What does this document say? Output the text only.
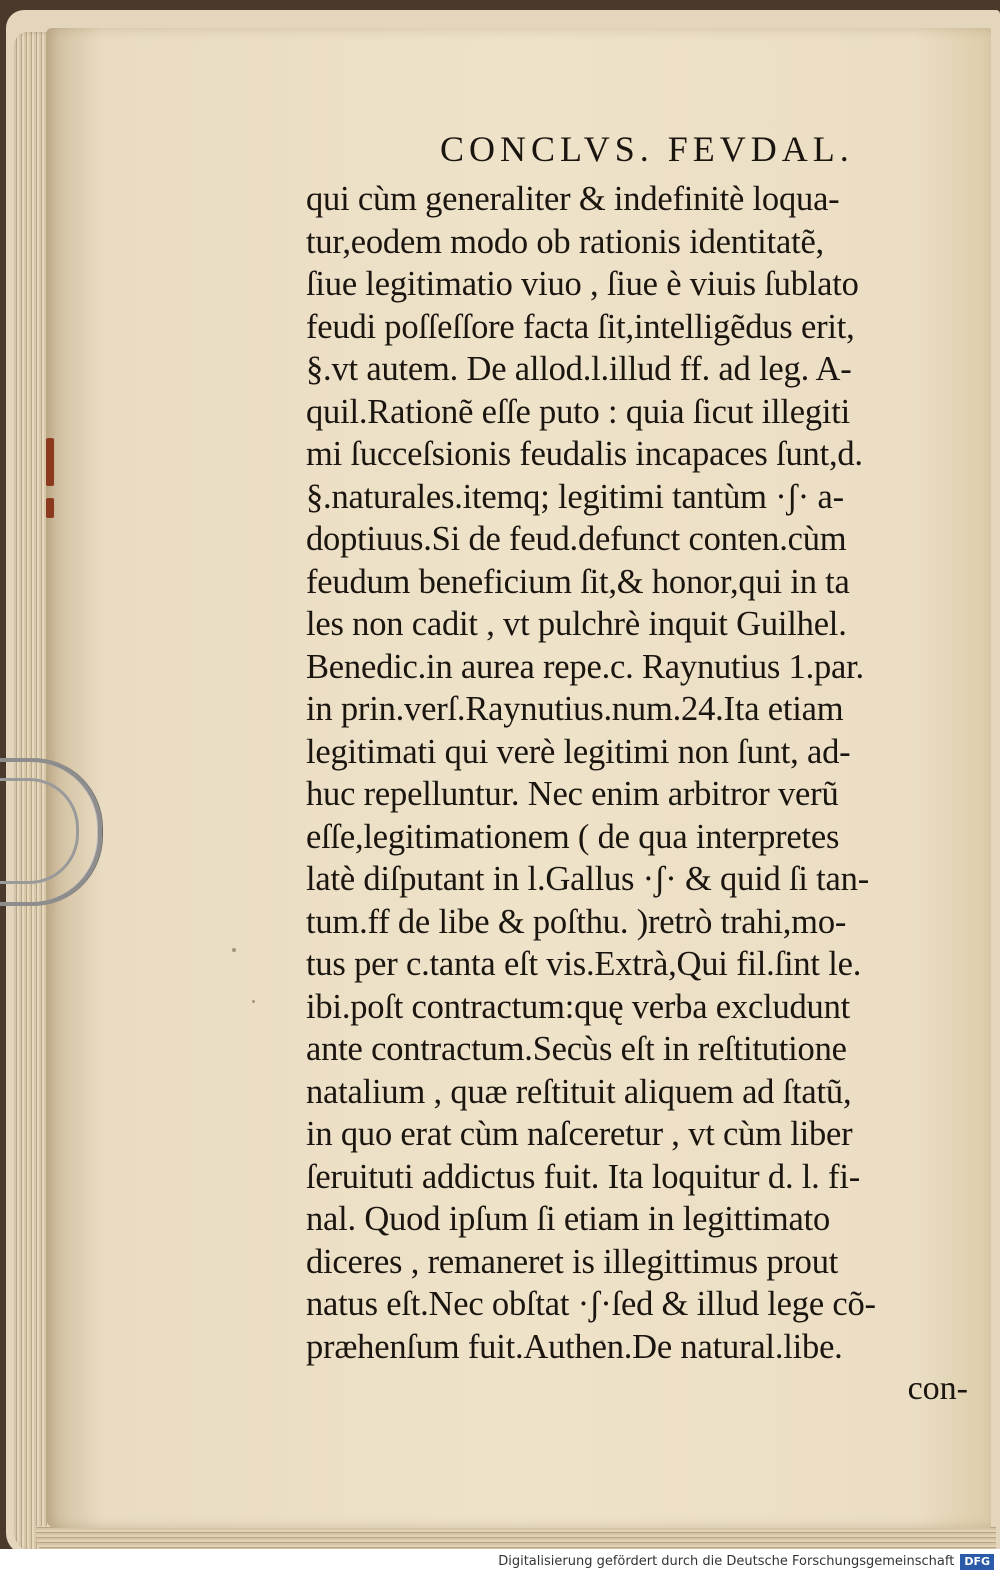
CONCLVS. FEVDAL.
qui cùm generaliter & indefinitè loqua-
tur,eodem modo ob rationis identitatẽ,
ſiue legitimatio viuo , ſiue è viuis ſublato
feudi poſſeſſore facta ſit,intelligẽdus erit,
§.vt autem. De allod.l.illud ff. ad leg. A-
quil.Rationẽ eſſe puto : quia ſicut illegiti
mi ſucceſsionis feudalis incapaces ſunt,d.
§.naturales.itemq; legitimi tantùm ·ʃ· a-
doptiuus.Si de feud.defunct conten.cùm
feudum beneficium ſit,& honor,qui in ta
les non cadit , vt pulchrè inquit Guilhel.
Benedic.in aurea repe.c. Raynutius 1.par.
in prin.verſ.Raynutius.num.24.Ita etiam
legitimati qui verè legitimi non ſunt, ad-
huc repelluntur. Nec enim arbitror verũ
eſſe,legitimationem ( de qua interpretes
latè diſputant in l.Gallus ·ʃ· & quid ſi tan-
tum.ff de libe & poſthu. )retrò trahi,mo-
tus per c.tanta eſt vis.Extrà,Qui fil.ſint le.
ibi.poſt contractum:quę verba excludunt
ante contractum.Secùs eſt in reſtitutione
natalium , quæ reſtituit aliquem ad ſtatũ,
in quo erat cùm naſceretur , vt cùm liber
ſeruituti addictus fuit. Ita loquitur d. l. fi-
nal. Quod ipſum ſi etiam in legittimato
diceres , remaneret is illegittimus prout
natus eſt.Nec obſtat ·ʃ·ſed & illud lege cõ-
præhenſum fuit.Authen.De natural.libe.
con-
Digitalisierung gefördert durch die Deutsche Forschungsgemeinschaft DFG
